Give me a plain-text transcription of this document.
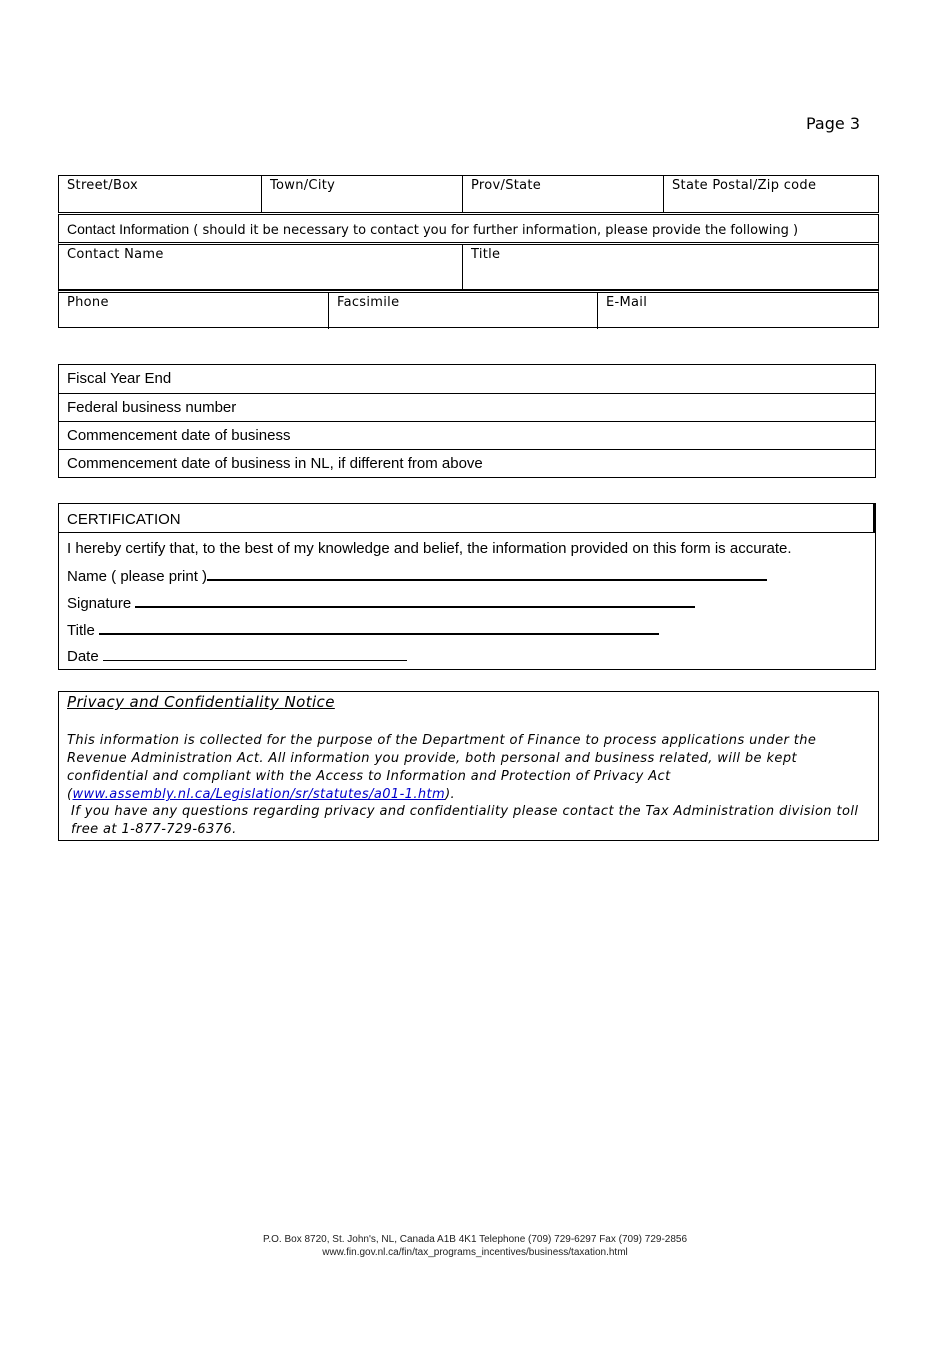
Page 3
Street/Box	Town/City	Prov/State	State Postal/Zip code
Contact Information ( should it be necessary to contact you for further information, please provide the following )
Contact Name	Title
Phone	Facsimile	E-Mail
Fiscal Year End
Federal business number
Commencement date of business
Commencement date of business in NL, if different from above
CERTIFICATION
I hereby certify that, to the best of my knowledge and belief, the information provided on this form is accurate.
Name ( please print )
Signature
Title
Date
Privacy and Confidentiality Notice
This information is collected for the purpose of the Department of Finance to process applications under the Revenue Administration Act. All information you provide, both personal and business related, will be kept confidential and compliant with the Access to Information and Protection of Privacy Act (www.assembly.nl.ca/Legislation/sr/statutes/a01-1.htm).
If you have any questions regarding privacy and confidentiality please contact the Tax Administration division toll free at 1-877-729-6376.
P.O. Box 8720, St. John's, NL, Canada A1B 4K1 Telephone (709) 729-6297 Fax (709) 729-2856
www.fin.gov.nl.ca/fin/tax_programs_incentives/business/taxation.html
